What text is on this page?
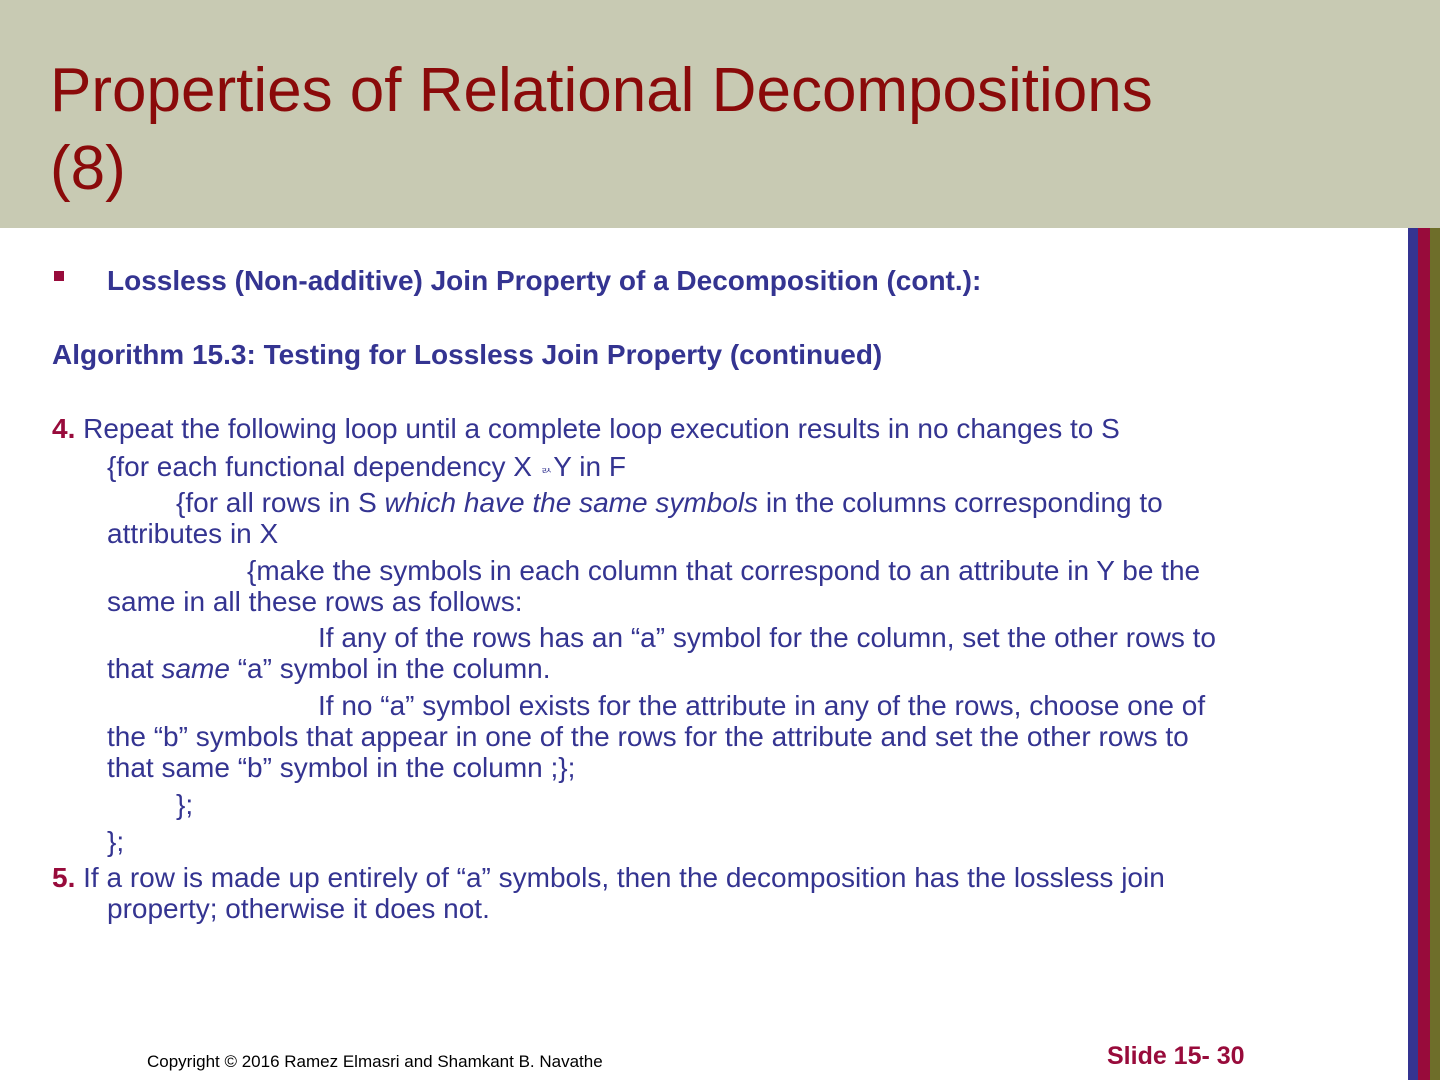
Properties of Relational Decompositions
(8)
Lossless (Non-additive) Join Property of a Decomposition (cont.):
Algorithm 15.3: Testing for Lossless Join Property (continued)
4. Repeat the following loop until a complete loop execution results in no changes to S
{for each functional dependency X ᄅᄉY in F
{for all rows in S which have the same symbols in the columns corresponding to
attributes in X
{make the symbols in each column that correspond to an attribute in Y be the
same in all these rows as follows:
If any of the rows has an “a” symbol for the column, set the other rows to
that same “a” symbol in the column.
If no “a” symbol exists for the attribute in any of the rows, choose one of
the “b” symbols that appear in one of the rows for the attribute and set the other rows to
that same “b” symbol in the column ;};
};
};
5. If a row is made up entirely of “a” symbols, then the decomposition has the lossless join
property; otherwise it does not.
Copyright © 2016 Ramez Elmasri and Shamkant B. Navathe	Slide 15- 30
